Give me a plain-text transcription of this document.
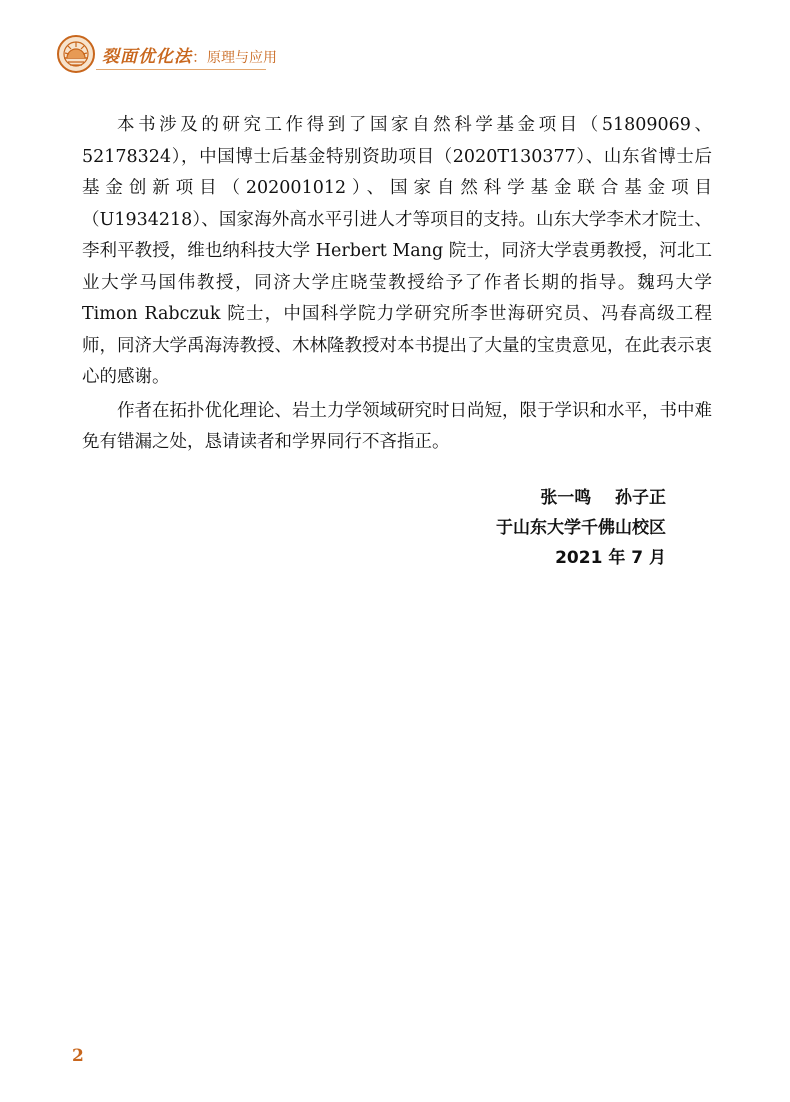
裂面优化法：原理与应用

本书涉及的研究工作得到了国家自然科学基金项目（51809069、52178324），中国博士后基金特别资助项目（2020T130377）、山东省博士后基金创新项目（202001012）、国家自然科学基金联合基金项目（U1934218）、国家海外高水平引进人才等项目的支持。山东大学李术才院士、李利平教授，维也纳科技大学 Herbert Mang 院士，同济大学袁勇教授，河北工业大学马国伟教授，同济大学庄晓莹教授给予了作者长期的指导。魏玛大学 Timon Rabczuk 院士，中国科学院力学研究所李世海研究员、冯春高级工程师，同济大学禹海涛教授、木林隆教授对本书提出了大量的宝贵意见，在此表示衷心的感谢。

作者在拓扑优化理论、岩土力学领域研究时日尚短，限于学识和水平，书中难免有错漏之处，恳请读者和学界同行不吝指正。

张一鸣    孙子正
于山东大学千佛山校区
2021 年 7 月
2
